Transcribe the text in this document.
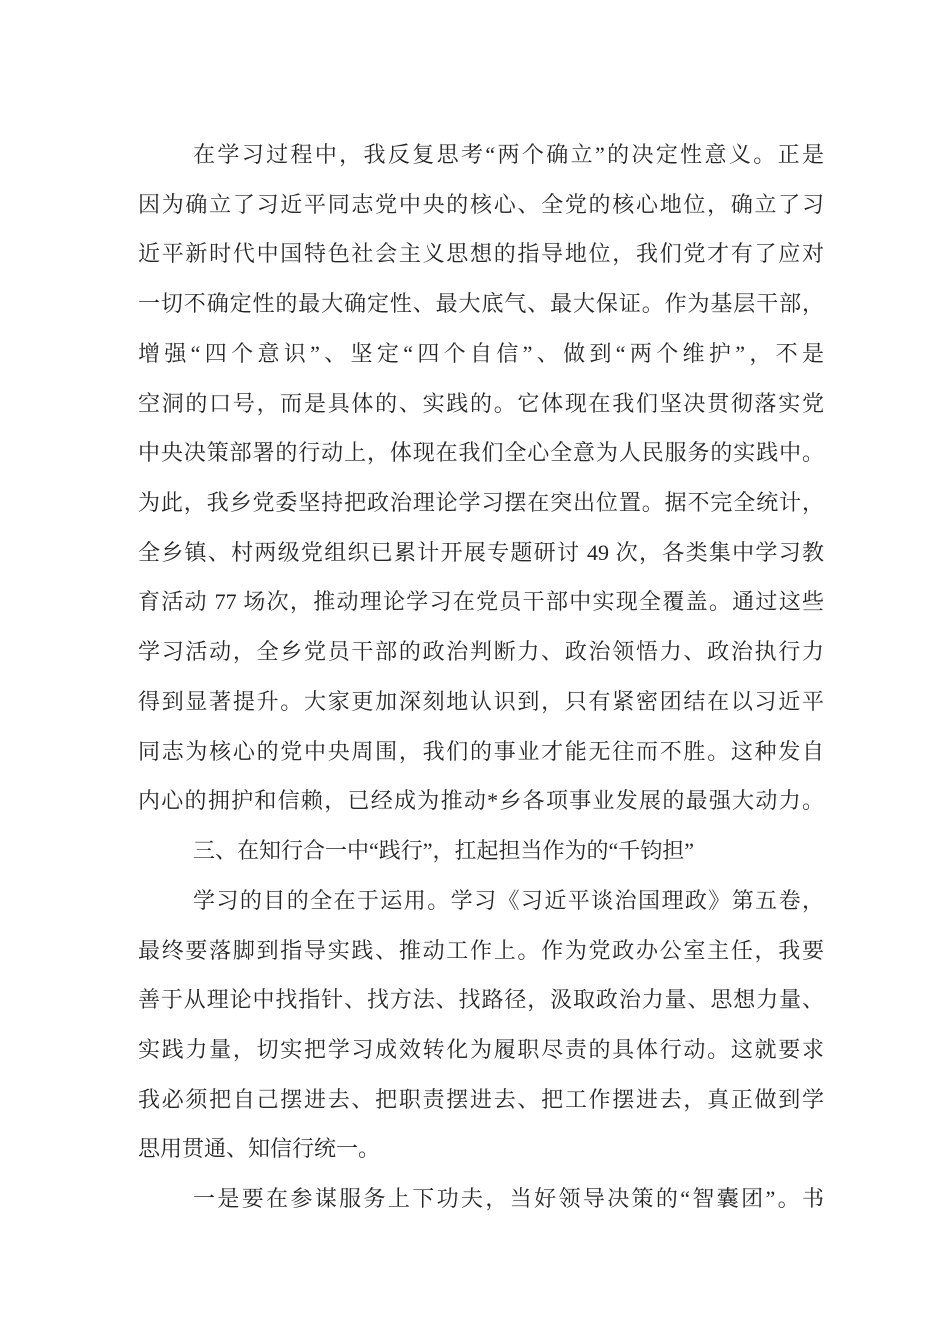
在学习过程中，我反复思考“两个确立”的决定性意义。正是
因为确立了习近平同志党中央的核心、全党的核心地位，确立了习
近平新时代中国特色社会主义思想的指导地位，我们党才有了应对
一切不确定性的最大确定性、最大底气、最大保证。作为基层干部，
增强“四个意识”、坚定“四个自信”、做到“两个维护”，不是
空洞的口号，而是具体的、实践的。它体现在我们坚决贯彻落实党
中央决策部署的行动上，体现在我们全心全意为人民服务的实践中。
为此，我乡党委坚持把政治理论学习摆在突出位置。据不完全统计，
全乡镇、村两级党组织已累计开展专题研讨 49 次，各类集中学习教
育活动 77 场次，推动理论学习在党员干部中实现全覆盖。通过这些
学习活动，全乡党员干部的政治判断力、政治领悟力、政治执行力
得到显著提升。大家更加深刻地认识到，只有紧密团结在以习近平
同志为核心的党中央周围，我们的事业才能无往而不胜。这种发自
内心的拥护和信赖，已经成为推动*乡各项事业发展的最强大动力。
三、在知行合一中“践行”，扛起担当作为的“千钧担”
学习的目的全在于运用。学习《习近平谈治国理政》第五卷，
最终要落脚到指导实践、推动工作上。作为党政办公室主任，我要
善于从理论中找指针、找方法、找路径，汲取政治力量、思想力量、
实践力量，切实把学习成效转化为履职尽责的具体行动。这就要求
我必须把自己摆进去、把职责摆进去、把工作摆进去，真正做到学
思用贯通、知信行统一。
一是要在参谋服务上下功夫，当好领导决策的“智囊团”。书
